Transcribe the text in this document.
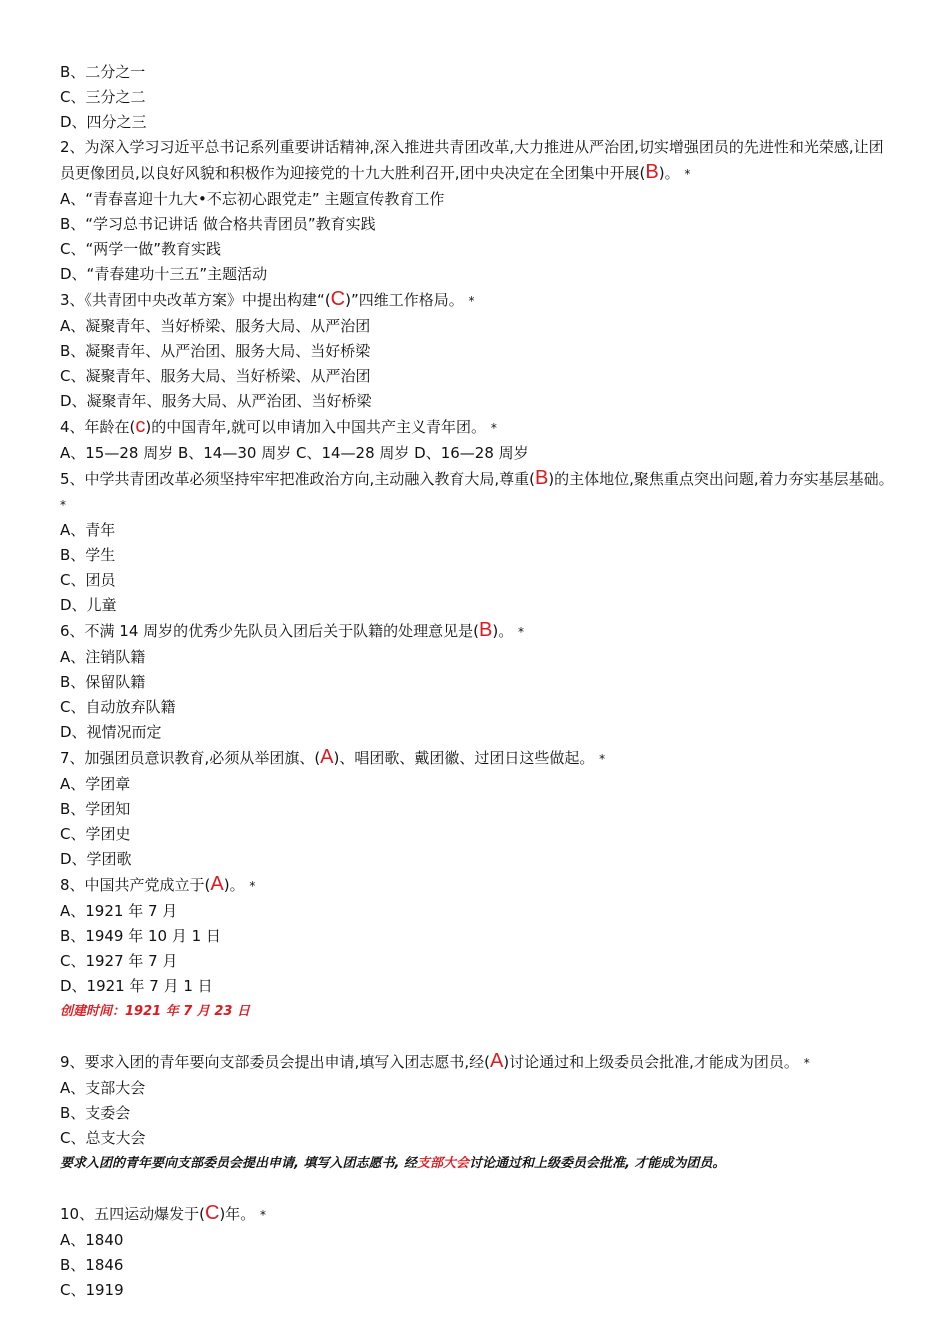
B、二分之一

C、三分之二

D、四分之三

2、为深入学习习近平总书记系列重要讲话精神,深入推进共青团改革,大力推进从严治团,切实增强团员的先进性和光荣感,让团员更像团员,以良好风貌和积极作为迎接党的十九大胜利召开,团中央决定在全团集中开展(B)。 *

A、“青春喜迎十九大•不忘初心跟党走” 主题宣传教育工作

B、“学习总书记讲话 做合格共青团员”教育实践

C、“两学一做”教育实践

D、“青春建功十三五”主题活动

3、《共青团中央改革方案》中提出构建“(C)”四维工作格局。 *

A、凝聚青年、当好桥梁、服务大局、从严治团

B、凝聚青年、从严治团、服务大局、当好桥梁

C、凝聚青年、服务大局、当好桥梁、从严治团

D、凝聚青年、服务大局、从严治团、当好桥梁

4、年龄在(c)的中国青年,就可以申请加入中国共产主义青年团。 *

A、15—28 周岁 B、14—30 周岁 C、14—28 周岁 D、16—28 周岁

5、中学共青团改革必须坚持牢牢把准政治方向,主动融入教育大局,尊重(B)的主体地位,聚焦重点突出问题,着力夯实基层基础。 *

A、青年

B、学生

C、团员

D、儿童

6、不满 14 周岁的优秀少先队员入团后关于队籍的处理意见是(B)。 *

A、注销队籍

B、保留队籍

C、自动放弃队籍

D、视情况而定

7、加强团员意识教育,必须从举团旗、(A)、唱团歌、戴团徽、过团日这些做起。 *

A、学团章

B、学团知

C、学团史

D、学团歌

8、中国共产党成立于(A)。 *

A、1921 年 7 月

B、1949 年 10 月 1 日

C、1927 年 7 月

D、1921 年 7 月 1 日

创建时间：1921 年 7 月 23 日

9、要求入团的青年要向支部委员会提出申请,填写入团志愿书,经(A)讨论通过和上级委员会批准,才能成为团员。 *

A、支部大会

B、支委会

C、总支大会

要求入团的青年要向支部委员会提出申请, 填写入团志愿书, 经支部大会讨论通过和上级委员会批准, 才能成为团员。

10、五四运动爆发于(C)年。 *

A、1840

B、1846

C、1919
